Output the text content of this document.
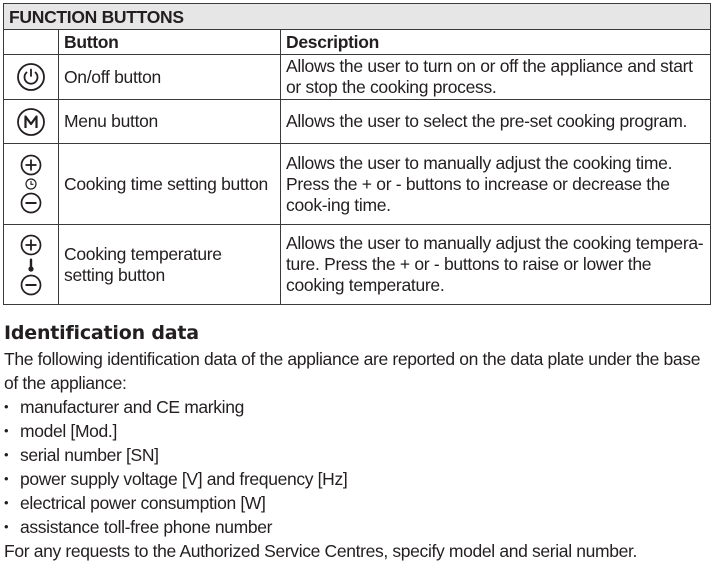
FUNCTION BUTTONS		
	Button	Description

	On/off button	Allows the user to turn on or off the appliance and start or stop the cooking process.

	Menu button	Allows the user to select the pre-set cooking program.

	Cooking time setting button	Allows the user to manually adjust the cooking time. Press the + or - buttons to increase or decrease the cook-ing time.

	Cooking temperature setting button	Allows the user to manually adjust the cooking tempera-ture. Press the + or - buttons to raise or lower the cooking temperature.
Identification data

The following identification data of the appliance are reported on the data plate under the base of the appliance:

• manufacturer and CE marking
• model [Mod.]
• serial number [SN]
• power supply voltage [V] and frequency [Hz]
• electrical power consumption [W]
• assistance toll-free phone number

For any requests to the Authorized Service Centres, specify model and serial number.
